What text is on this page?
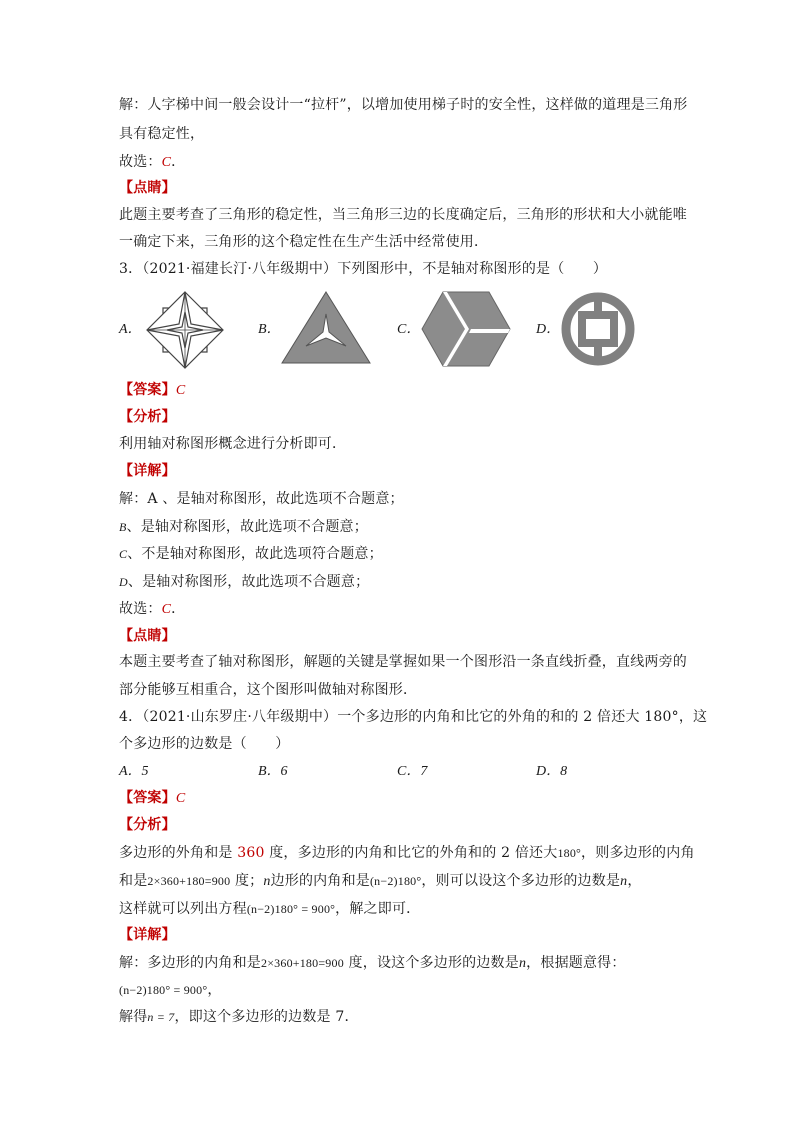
解：人字梯中间一般会设计一“拉杆”，以增加使用梯子时的安全性，这样做的道理是三角形
具有稳定性，
故选：C．
【点睛】
此题主要考查了三角形的稳定性，当三角形三边的长度确定后，三角形的形状和大小就能唯
一确定下来，三角形的这个稳定性在生产生活中经常使用．
3．（2021·福建长汀·八年级期中）下列图形中，不是轴对称图形的是（　　）
A．	B．	C．	D．
【答案】C
【分析】
利用轴对称图形概念进行分析即可．
【详解】
解：A 、是轴对称图形，故此选项不合题意；
B、是轴对称图形，故此选项不合题意；
C、不是轴对称图形，故此选项符合题意；
D、是轴对称图形，故此选项不合题意；
故选：C．
【点睛】
本题主要考查了轴对称图形，解题的关键是掌握如果一个图形沿一条直线折叠，直线两旁的
部分能够互相重合，这个图形叫做轴对称图形．
4．（2021·山东罗庄·八年级期中）一个多边形的内角和比它的外角的和的 2 倍还大 180°，这
个多边形的边数是（　　）
A．5	B．6	C．7	D．8
【答案】C
【分析】
多边形的外角和是 360 度，多边形的内角和比它的外角和的 2 倍还大180°，则多边形的内角
和是2×360+180=900 度；n边形的内角和是(n−2)180°，则可以设这个多边形的边数是n，
这样就可以列出方程(n−2)180° = 900°，解之即可．
【详解】
解：多边形的内角和是2×360+180=900 度，设这个多边形的边数是n，根据题意得：
(n−2)180° = 900°，
解得n = 7，即这个多边形的边数是 7．
